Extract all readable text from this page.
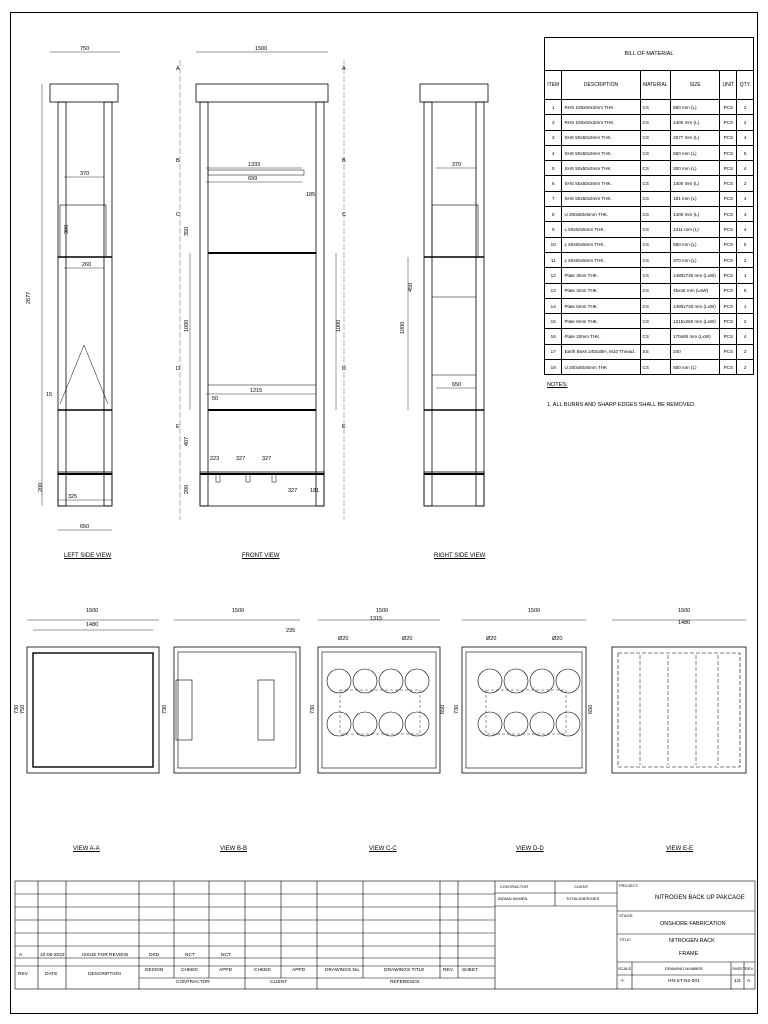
750
2677
370
260
15
325
650
1500
1333
699
185
1215
50
223	327	327
327 181
370
650
1500
1480
1500
235
1500
1315
Ø20	Ø20
1500
Ø20	Ø20
1500
1480
A	A
B	B
C	C
D	D
E	E
1000	1000
350
407
200
1000
450
200
300
730 750	730	730	650 730	650
BILL OF MATERIAL					
ITEM	DESCRIPTION	MATERIAL	SIZE	UNIT	QTY.
1	RHS 100x50x3mm THK.	CS	650 mm (L)	PCS	2
2	RHS 100x50x3mm THK.	CS	1400 mm (L)	PCS	2
3	SHS 50x50x3mm THK.	CS	2677 mm (L)	PCS	4
4	SHS 50x50x3mm THK.	CS	650 mm (L)	PCS	6
5	SHS 50x50x3mm THK.	CS	300 mm (L)	PCS	4
6	SHS 50x50x3mm THK.	CS	1400 mm (L)	PCS	2
7	SHS 50x50x3mm THK.	CS	181 mm (L)	PCS	4
8	U 200x50x5mm THK.	CS	1400 mm (L)	PCS	3
9	L 50x50x5mm THK.	CS	1311 mm (L)	PCS	4
10	L 50x50x5mm THK.	CS	650 mm (L)	PCS	5
11	L 50x50x5mm THK.	CS	370 mm (L)	PCS	2
12	Plate 3mm THK.	CS	1480x730 mm (LxW)	PCS	1
13	Plate 3mm THK.	CS	45x45 mm (LxW)	PCS	6
14	Plate 6mm THK.	CS	1480x730 mm (LxW)	PCS	1
15	Plate 6mm THK.	CS	1215x260 mm (LxW)	PCS	2
16	Plate 20mm THK.	CS	170x85 mm (LxW)	PCS	4
17	Earth Boss 240x30H, M10 Thread.	SS	240	PCS	2
18	U 200x50x5mm THK	CS	650 mm (L)	PCS	2
NOTES:
1. ALL BURRS AND SHARP EDGES SHALL BE REMOVED.
LEFT SIDE VIEW	FRONT VIEW	RIGHT SIDE VIEW
VIEW A-A	VIEW B-B	VIEW C-C	VIEW D-D	VIEW E-E
A	10-05-2023	ISSUE FOR REVIEW	DKD	NCT	NCT
REV.	DATE	DESCRIPTION
DESIGN	CHKED	APPD	CHKED	APPD	DRAWINGS No.	DRAWINGS TITLE	REV. SHEET
CONTRACTOR	CLIENT	REFERENCE
CONTRACTOR	CLIENT
INDIAN NUMEN	TOTALENERGIES
PROJECT:
NITROGEN BACK UP PAKCAGE
STAGE:
ONSHORE FABRICATION
TITLE:	NITROGEN RACK
FRAME
SCALE
-/-
DRAWING NUMBER
HN-ST-N2-001
SHEET
1/2
REV.
A
